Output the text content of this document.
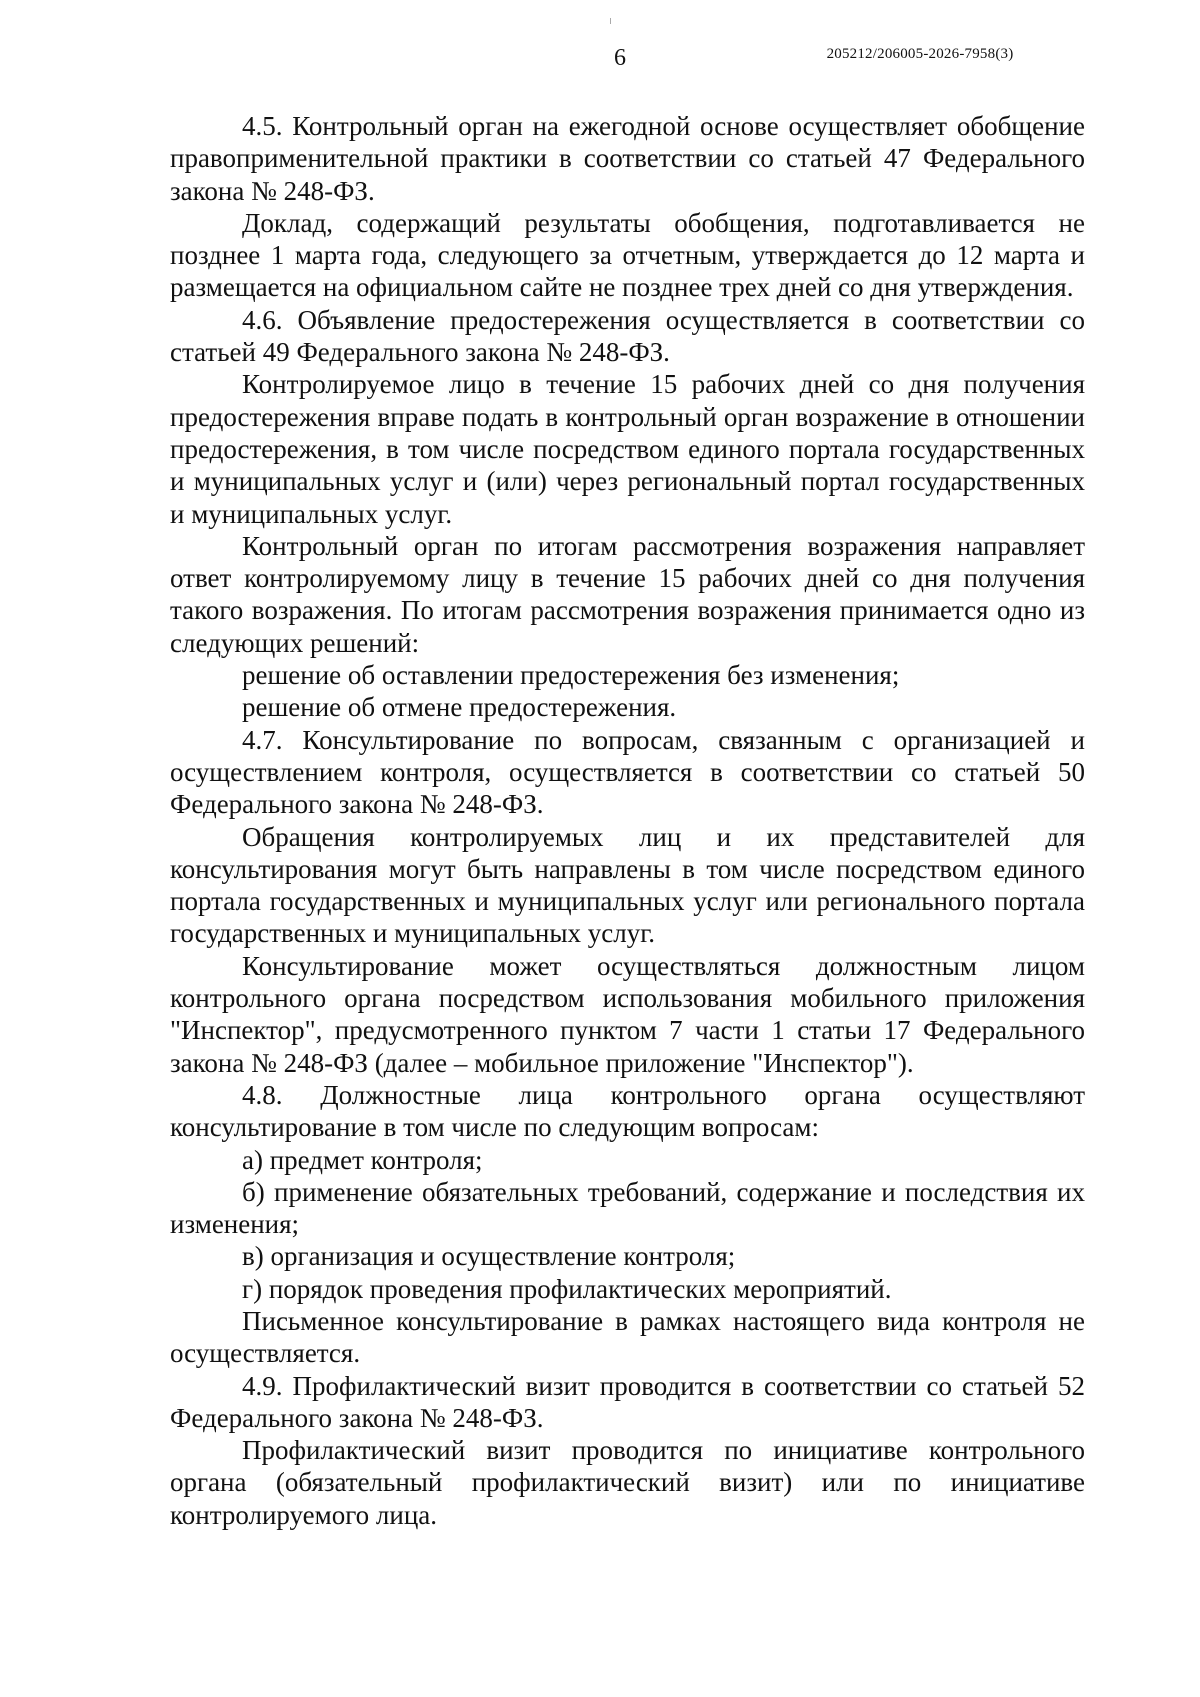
6	205212/206005-2026-7958(3)

4.5. Контрольный орган на ежегодной основе осуществляет обобщение правоприменительной практики в соответствии со статьей 47 Федерального закона № 248-ФЗ.

Доклад, содержащий результаты обобщения, подготавливается не позднее 1 марта года, следующего за отчетным, утверждается до 12 марта и размещается на официальном сайте не позднее трех дней со дня утверждения.

4.6. Объявление предостережения осуществляется в соответствии со статьей 49 Федерального закона № 248-ФЗ.

Контролируемое лицо в течение 15 рабочих дней со дня получения предостережения вправе подать в контрольный орган возражение в отношении предостережения, в том числе посредством единого портала государственных и муниципальных услуг и (или) через региональный портал государственных и муниципальных услуг.

Контрольный орган по итогам рассмотрения возражения направляет ответ контролируемому лицу в течение 15 рабочих дней со дня получения такого возражения. По итогам рассмотрения возражения принимается одно из следующих решений:

решение об оставлении предостережения без изменения;

решение об отмене предостережения.

4.7. Консультирование по вопросам, связанным с организацией и осуществлением контроля, осуществляется в соответствии со статьей 50 Федерального закона № 248-ФЗ.

Обращения контролируемых лиц и их представителей для консультирования могут быть направлены в том числе посредством единого портала государственных и муниципальных услуг или регионального портала государственных и муниципальных услуг.

Консультирование может осуществляться должностным лицом контрольного органа посредством использования мобильного приложения "Инспектор", предусмотренного пунктом 7 части 1 статьи 17 Федерального закона № 248-ФЗ (далее – мобильное приложение "Инспектор").

4.8. Должностные лица контрольного органа осуществляют консультирование в том числе по следующим вопросам:

а) предмет контроля;

б) применение обязательных требований, содержание и последствия их изменения;

в) организация и осуществление контроля;

г) порядок проведения профилактических мероприятий.

Письменное консультирование в рамках настоящего вида контроля не осуществляется.

4.9. Профилактический визит проводится в соответствии со статьей 52 Федерального закона № 248-ФЗ.

Профилактический визит проводится по инициативе контрольного органа (обязательный профилактический визит) или по инициативе контролируемого лица.
